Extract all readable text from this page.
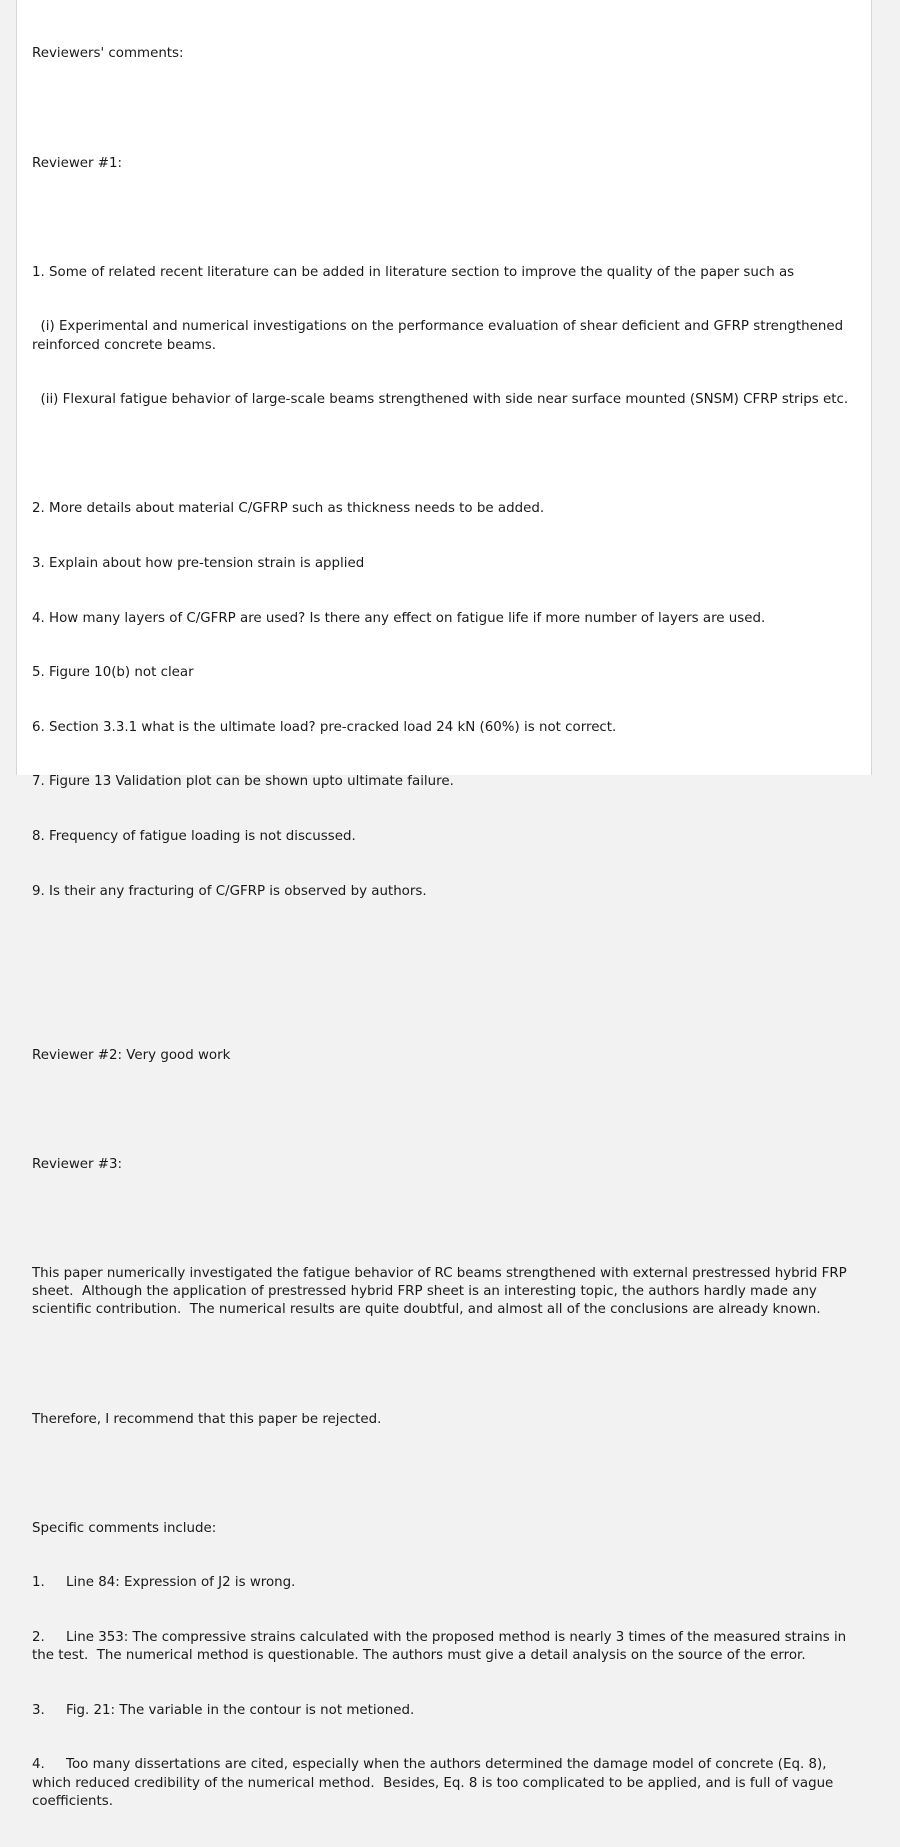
Reviewers' comments:

Reviewer #1:

1. Some of related recent literature can be added in literature section to improve the quality of the paper such as

(i) Experimental and numerical investigations on the performance evaluation of shear deficient and GFRP strengthened reinforced concrete beams.

(ii) Flexural fatigue behavior of large-scale beams strengthened with side near surface mounted (SNSM) CFRP strips etc.

2. More details about material C/GFRP such as thickness needs to be added.

3. Explain about how pre-tension strain is applied

4. How many layers of C/GFRP are used? Is there any effect on fatigue life if more number of layers are used.

5. Figure 10(b) not clear

6. Section 3.3.1 what is the ultimate load? pre-cracked load 24 kN (60%) is not correct.

7. Figure 13 Validation plot can be shown upto ultimate failure.

8. Frequency of fatigue loading is not discussed.

9. Is their any fracturing of C/GFRP is observed by authors.

Reviewer #2: Very good work

Reviewer #3:

This paper numerically investigated the fatigue behavior of RC beams strengthened with external prestressed hybrid FRP sheet.  Although the application of prestressed hybrid FRP sheet is an interesting topic, the authors hardly made any scientific contribution.  The numerical results are quite doubtful, and almost all of the conclusions are already known.

Therefore, I recommend that this paper be rejected.

Specific comments include:

1.     Line 84: Expression of J2 is wrong.

2.     Line 353: The compressive strains calculated with the proposed method is nearly 3 times of the measured strains in the test.  The numerical method is questionable. The authors must give a detail analysis on the source of the error.

3.     Fig. 21: The variable in the contour is not metioned.

4.     Too many dissertations are cited, especially when the authors determined the damage model of concrete (Eq. 8), which reduced credibility of the numerical method.  Besides, Eq. 8 is too complicated to be applied, and is full of vague coefficients.
